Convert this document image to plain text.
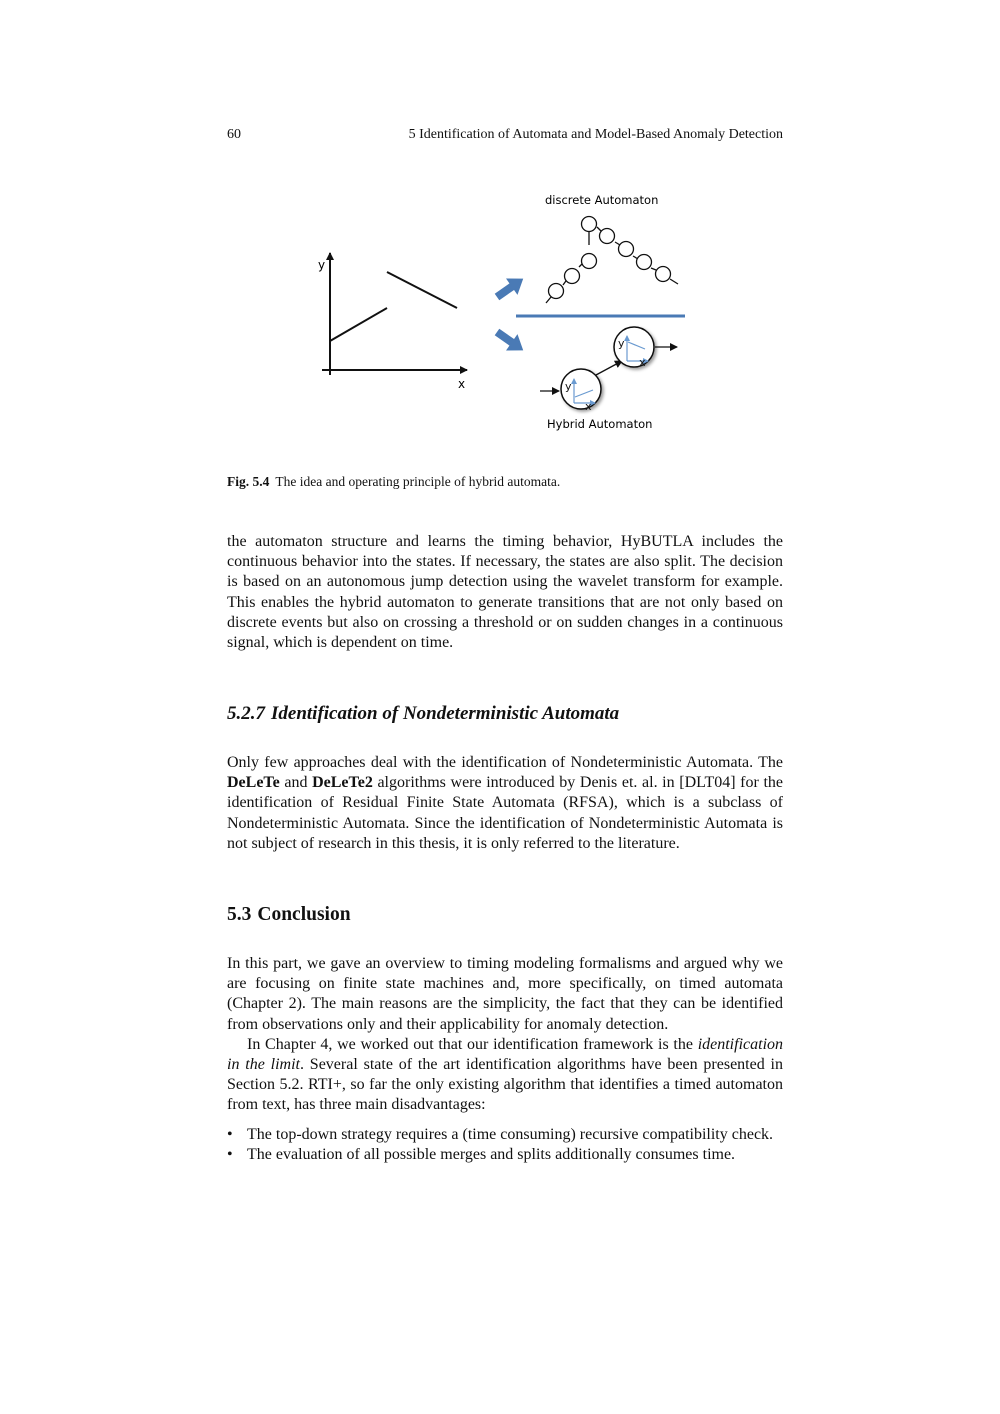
60	5 Identification of Automata and Model-Based Anomaly Detection
y
x
discrete Automaton
y
x
y
x
Hybrid Automaton
Fig. 5.4 The idea and operating principle of hybrid automata.

the automaton structure and learns the timing behavior, HyBUTLA includes the continuous behavior into the states. If necessary, the states are also split. The decision is based on an autonomous jump detection using the wavelet transform for example. This enables the hybrid automaton to generate transitions that are not only based on discrete events but also on crossing a threshold or on sudden changes in a continuous signal, which is dependent on time.

5.2.7 Identification of Nondeterministic Automata

Only few approaches deal with the identification of Nondeterministic Automata. The DeLeTe and DeLeTe2 algorithms were introduced by Denis et. al. in [DLT04] for the identification of Residual Finite State Automata (RFSA), which is a subclass of Nondeterministic Automata. Since the identification of Nondeterministic Automata is not subject of research in this thesis, it is only referred to the literature.

5.3 Conclusion

In this part, we gave an overview to timing modeling formalisms and argued why we are focusing on finite state machines and, more specifically, on timed automata (Chapter 2). The main reasons are the simplicity, the fact that they can be identified from observations only and their applicability for anomaly detection.

In Chapter 4, we worked out that our identification framework is the identification in the limit. Several state of the art identification algorithms have been presented in Section 5.2. RTI+, so far the only existing algorithm that identifies a timed automaton from text, has three main disadvantages:

• The top-down strategy requires a (time consuming) recursive compatibility check.
• The evaluation of all possible merges and splits additionally consumes time.
